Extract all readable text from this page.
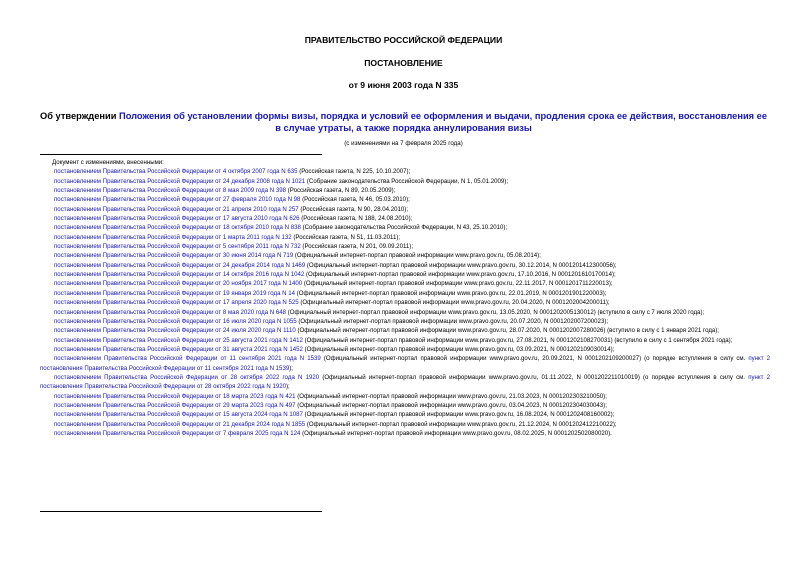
ПРАВИТЕЛЬСТВО РОССИЙСКОЙ ФЕДЕРАЦИИ
ПОСТАНОВЛЕНИЕ
от 9 июня 2003 года N 335
Об утверждении Положения об установлении формы визы, порядка и условий ее оформления и выдачи, продления срока ее действия, восстановления ее в случае утраты, а также порядка аннулирования визы
(с изменениями на 7 февраля 2025 года)
Документ с изменениями, внесенными:
постановлением Правительства Российской Федерации от 4 октября 2007 года N 635 (Российская газета, N 225, 10.10.2007);
постановлением Правительства Российской Федерации от 24 декабря 2008 года N 1021 (Собрание законодательства Российской Федерации, N 1, 05.01.2009);
постановлением Правительства Российской Федерации от 8 мая 2009 года N 398 (Российская газета, N 89, 20.05.2009);
постановлением Правительства Российской Федерации от 27 февраля 2010 года N 98 (Российская газета, N 46, 05.03.2010);
постановлением Правительства Российской Федерации от 21 апреля 2010 года N 257 (Российская газета, N 90, 28.04.2010);
постановлением Правительства Российской Федерации от 17 августа 2010 года N 626 (Российская газета, N 188, 24.08.2010);
постановлением Правительства Российской Федерации от 18 октября 2010 года N 838 (Собрание законодательства Российской Федерации, N 43, 25.10.2010);
постановлением Правительства Российской Федерации от 1 марта 2011 года N 132 (Российская газета, N 51, 11.03.2011);
постановлением Правительства Российской Федерации от 5 сентября 2011 года N 732 (Российская газета, N 201, 09.09.2011);
постановлением Правительства Российской Федерации от 30 июня 2014 года N 719 (Официальный интернет-портал правовой информации www.pravo.gov.ru, 05.08.2014);
постановлением Правительства Российской Федерации от 24 декабря 2014 года N 1469 (Официальный интернет-портал правовой информации www.pravo.gov.ru, 30.12.2014, N 0001201412300056);
постановлением Правительства Российской Федерации от 14 октября 2016 года N 1042 (Официальный интернет-портал правовой информации www.pravo.gov.ru, 17.10.2016, N 0001201610170014);
постановлением Правительства Российской Федерации от 20 ноября 2017 года N 1400 (Официальный интернет-портал правовой информации www.pravo.gov.ru, 22.11.2017, N 0001201711220013);
постановлением Правительства Российской Федерации от 19 января 2019 года N 14 (Официальный интернет-портал правовой информации www.pravo.gov.ru, 22.01.2019, N 0001201901220003);
постановлением Правительства Российской Федерации от 17 апреля 2020 года N 525 (Официальный интернет-портал правовой информации www.pravo.gov.ru, 20.04.2020, N 0001202004200011);
постановлением Правительства Российской Федерации от 8 мая 2020 года N 648 (Официальный интернет-портал правовой информации www.pravo.gov.ru, 13.05.2020, N 0001202005130012) (вступило в силу с 7 июля 2020 года);
постановлением Правительства Российской Федерации от 16 июля 2020 года N 1055 (Официальный интернет-портал правовой информации www.pravo.gov.ru, 20.07.2020, N 0001202007200023);
постановлением Правительства Российской Федерации от 24 июля 2020 года N 1110 (Официальный интернет-портал правовой информации www.pravo.gov.ru, 28.07.2020, N 0001202007280026) (вступило в силу с 1 января 2021 года);
постановлением Правительства Российской Федерации от 25 августа 2021 года N 1412 (Официальный интернет-портал правовой информации www.pravo.gov.ru, 27.08.2021, N 0001202108270031) (вступило в силу с 1 сентября 2021 года);
постановлением Правительства Российской Федерации от 31 августа 2021 года N 1452 (Официальный интернет-портал правовой информации www.pravo.gov.ru, 03.09.2021, N 0001202109030014);
постановлением Правительства Российской Федерации от 11 сентября 2021 года N 1539 (Официальный интернет-портал правовой информации www.pravo.gov.ru, 20.09.2021, N 0001202109200027) (о порядке вступления в силу см. пункт 2 постановления Правительства Российской Федерации от 11 сентября 2021 года N 1539);
постановлением Правительства Российской Федерации от 28 октября 2022 года N 1920 (Официальный интернет-портал правовой информации www.pravo.gov.ru, 01.11.2022, N 0001202211010019) (о порядке вступления в силу см. пункт 2 постановления Правительства Российской Федерации от 28 октября 2022 года N 1920);
постановлением Правительства Российской Федерации от 18 марта 2023 года N 421 (Официальный интернет-портал правовой информации www.pravo.gov.ru, 21.03.2023, N 0001202303210050);
постановлением Правительства Российской Федерации от 29 марта 2023 года N 497 (Официальный интернет-портал правовой информации www.pravo.gov.ru, 03.04.2023, N 0001202304030043);
постановлением Правительства Российской Федерации от 15 августа 2024 года N 1087 (Официальный интернет-портал правовой информации www.pravo.gov.ru, 16.08.2024, N 0001202408160002);
постановлением Правительства Российской Федерации от 21 декабря 2024 года N 1855 (Официальный интернет-портал правовой информации www.pravo.gov.ru, 21.12.2024, N 0001202412210022);
постановлением Правительства Российской Федерации от 7 февраля 2025 года N 124 (Официальный интернет-портал правовой информации www.pravo.gov.ru, 08.02.2025, N 0001202502080020).
